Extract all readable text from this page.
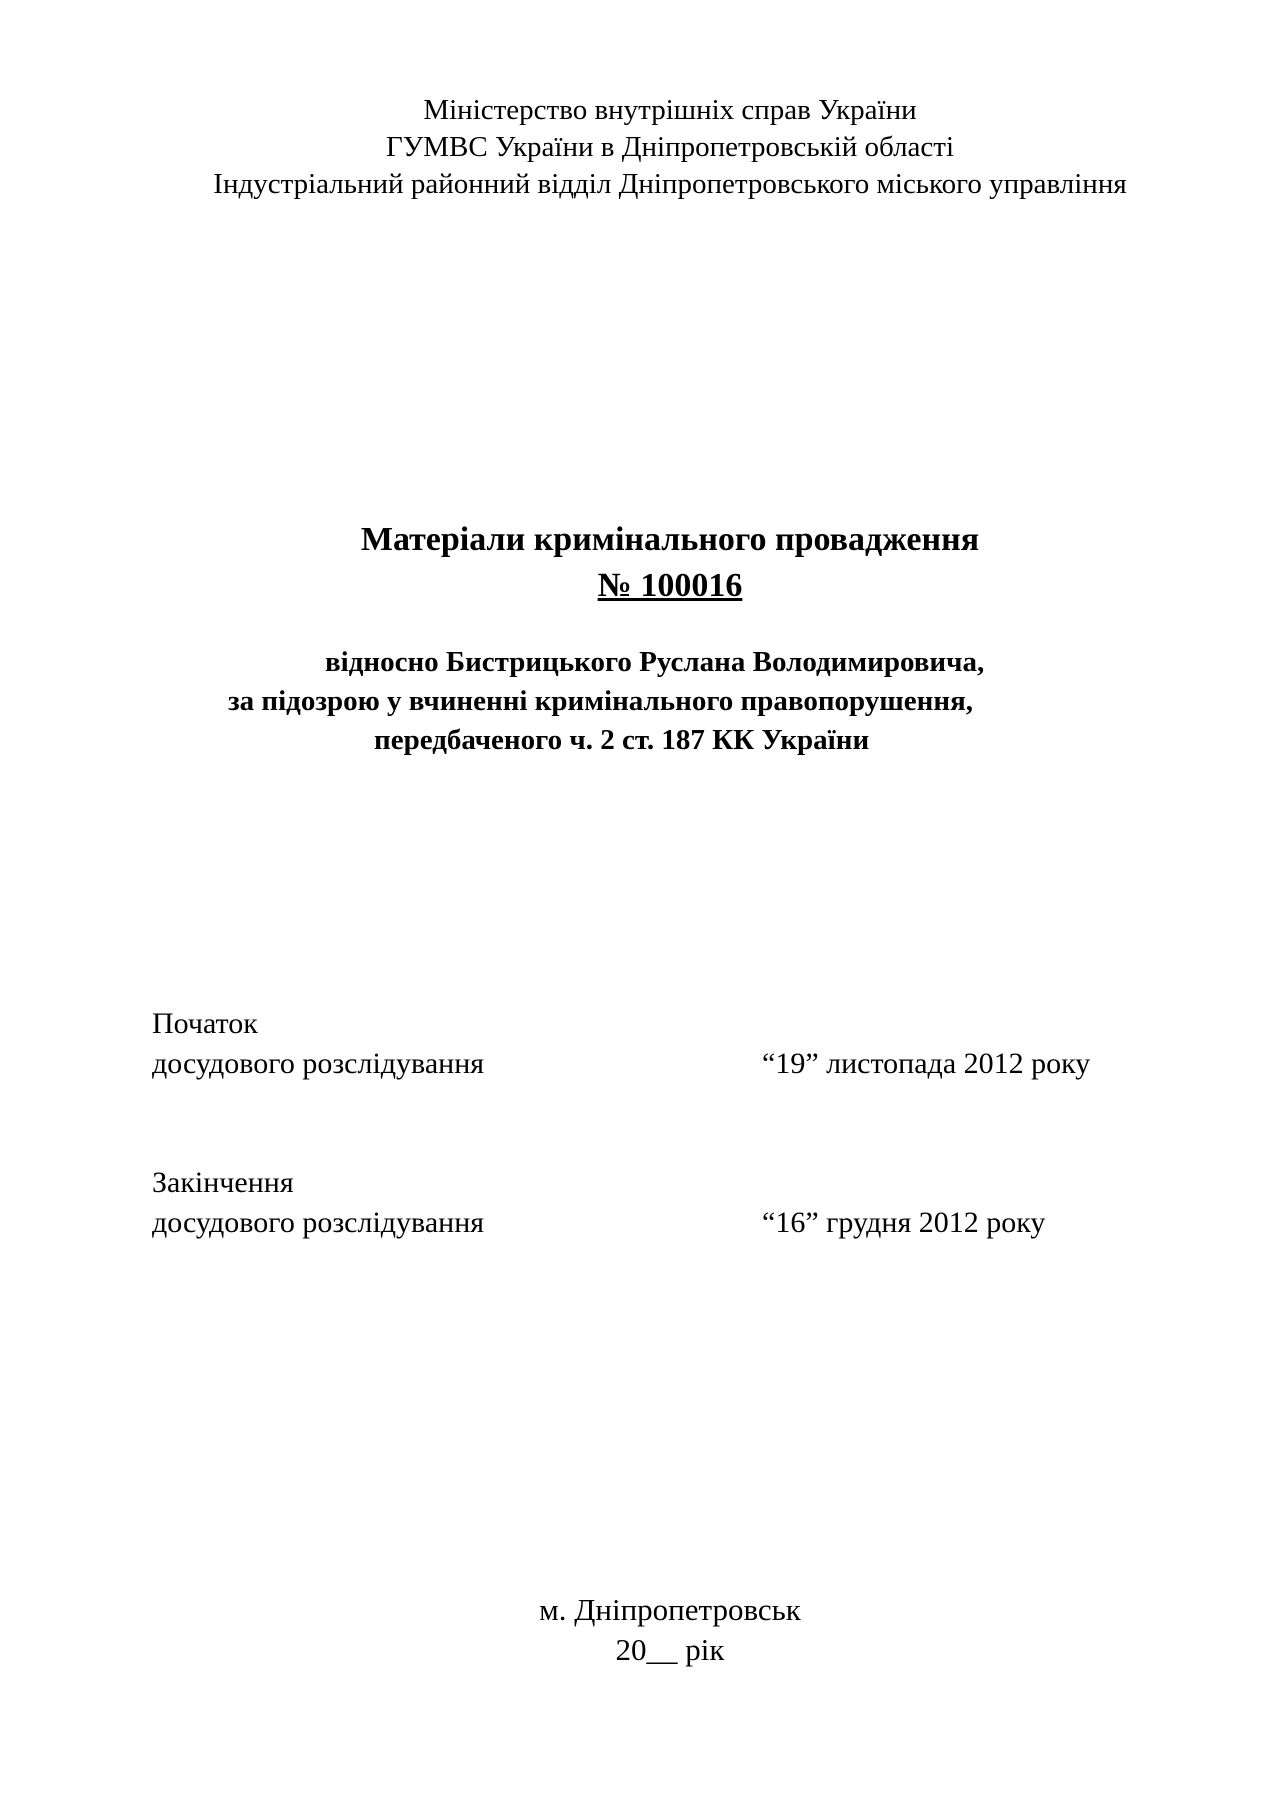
Міністерство внутрішніх справ України
ГУМВС України в Дніпропетровській області
Індустріальний районний відділ Дніпропетровського міського управління
Матеріали кримінального провадження
№ 100016
відносно Бистрицького Руслана Володимировича,
за підозрою у вчиненні кримінального правопорушення,
передбаченого ч. 2 ст. 187 КК України
Початок
досудового розслідування	“19” листопада 2012 року
Закінчення
досудового розслідування	“16” грудня 2012 року
м. Дніпропетровськ
20__ рік
